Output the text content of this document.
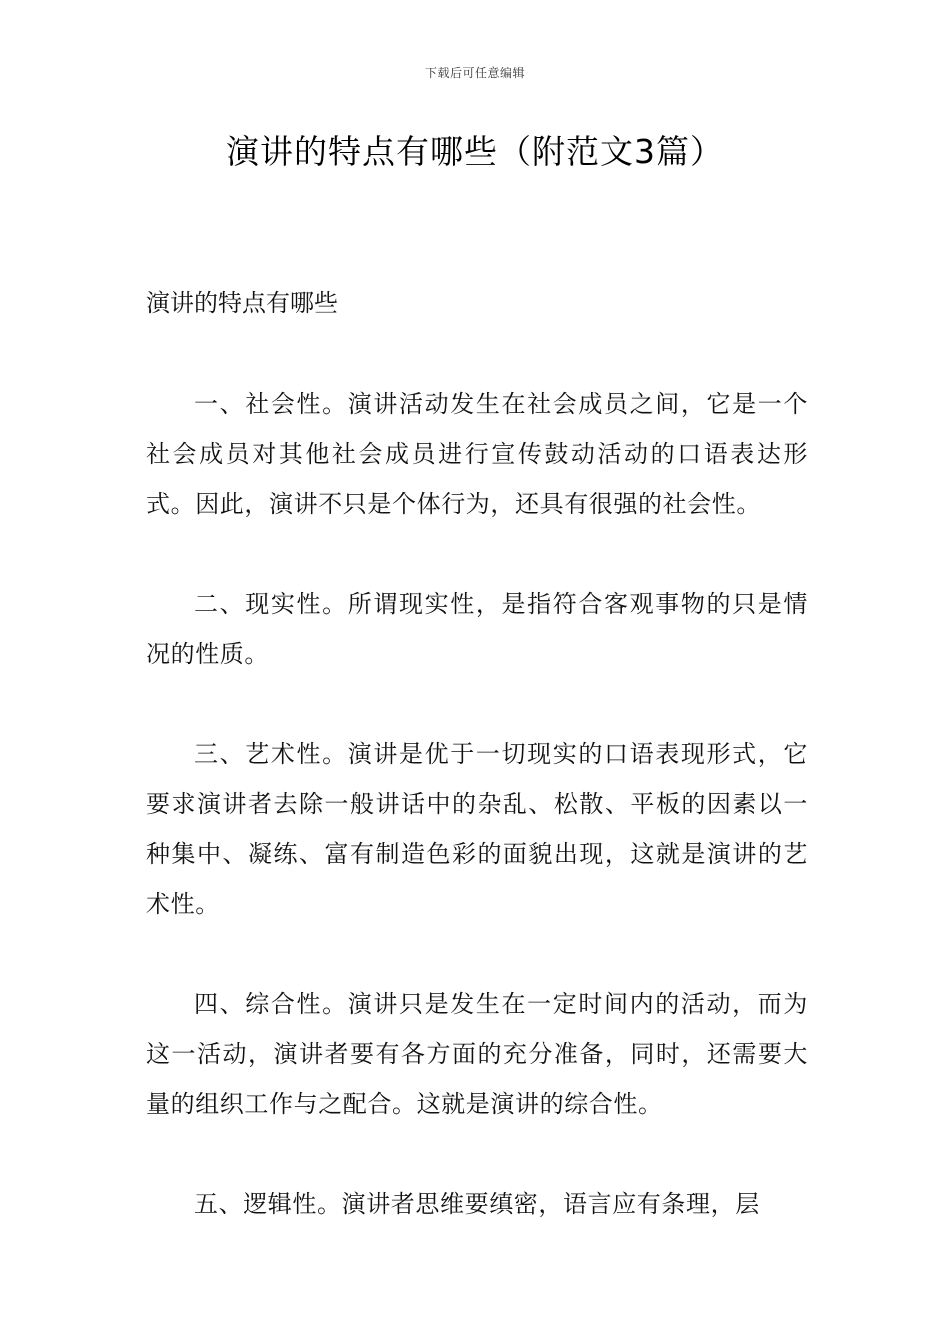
下载后可任意编辑
演讲的特点有哪些（附范文3篇）

演讲的特点有哪些

一、社会性。演讲活动发生在社会成员之间，它是一个社会成员对其他社会成员进行宣传鼓动活动的口语表达形式。因此，演讲不只是个体行为，还具有很强的社会性。

二、现实性。所谓现实性，是指符合客观事物的只是情况的性质。

三、艺术性。演讲是优于一切现实的口语表现形式，它要求演讲者去除一般讲话中的杂乱、松散、平板的因素以一种集中、凝练、富有制造色彩的面貌出现，这就是演讲的艺术性。

四、综合性。演讲只是发生在一定时间内的活动，而为这一活动，演讲者要有各方面的充分准备，同时，还需要大量的组织工作与之配合。这就是演讲的综合性。

五、逻辑性。演讲者思维要缜密，语言应有条理，层
